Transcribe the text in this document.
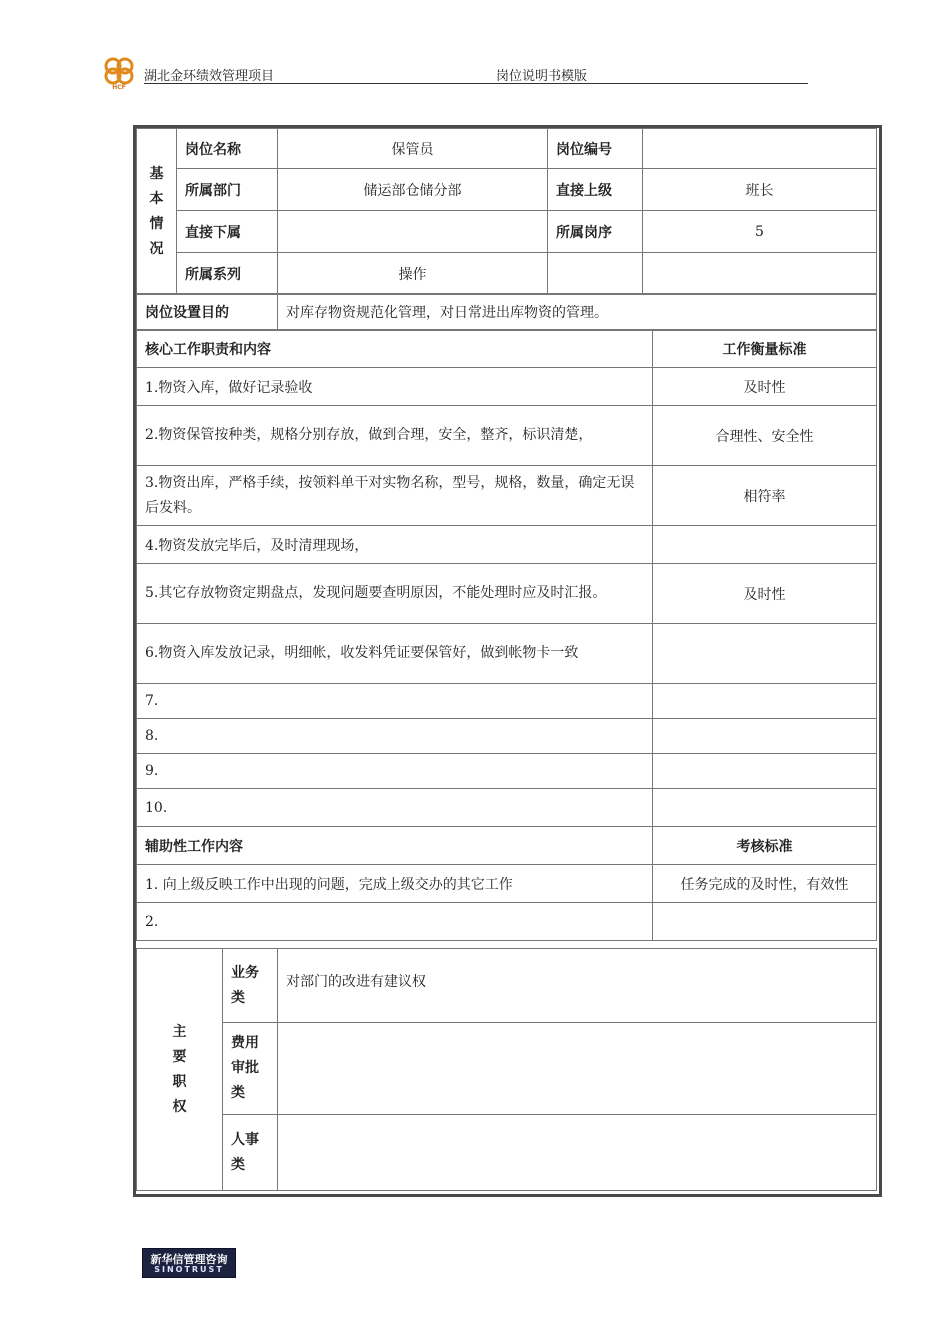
HCF
湖北金环绩效管理项目	岗位说明书模版
基本情况	岗位名称	保管员	岗位编号	
	所属部门	储运部仓储分部	直接上级	班长
	直接下属		所属岗序	5
	所属系列	操作		
岗位设置目的	对库存物资规范化管理，对日常进出库物资的管理。
核心工作职责和内容	工作衡量标准
1.物资入库，做好记录验收	及时性
2.物资保管按种类，规格分别存放，做到合理，安全，整齐，标识清楚，	合理性、安全性
3.物资出库，严格手续，按领料单干对实物名称，型号，规格，数量，确定无误后发料。	相符率
4.物资发放完毕后，及时清理现场，	
5.其它存放物资定期盘点，发现问题要查明原因，不能处理时应及时汇报。	及时性
6.物资入库发放记录，明细帐，收发料凭证要保管好，做到帐物卡一致	
7.	
8.	
9.	
10.	
辅助性工作内容	考核标准
1. 向上级反映工作中出现的问题，完成上级交办的其它工作	任务完成的及时性，有效性
2.	
主要职权	业务类	对部门的改进有建议权
	费用审批类	
	人事类	
新华信管理咨询
SINOTRUST
